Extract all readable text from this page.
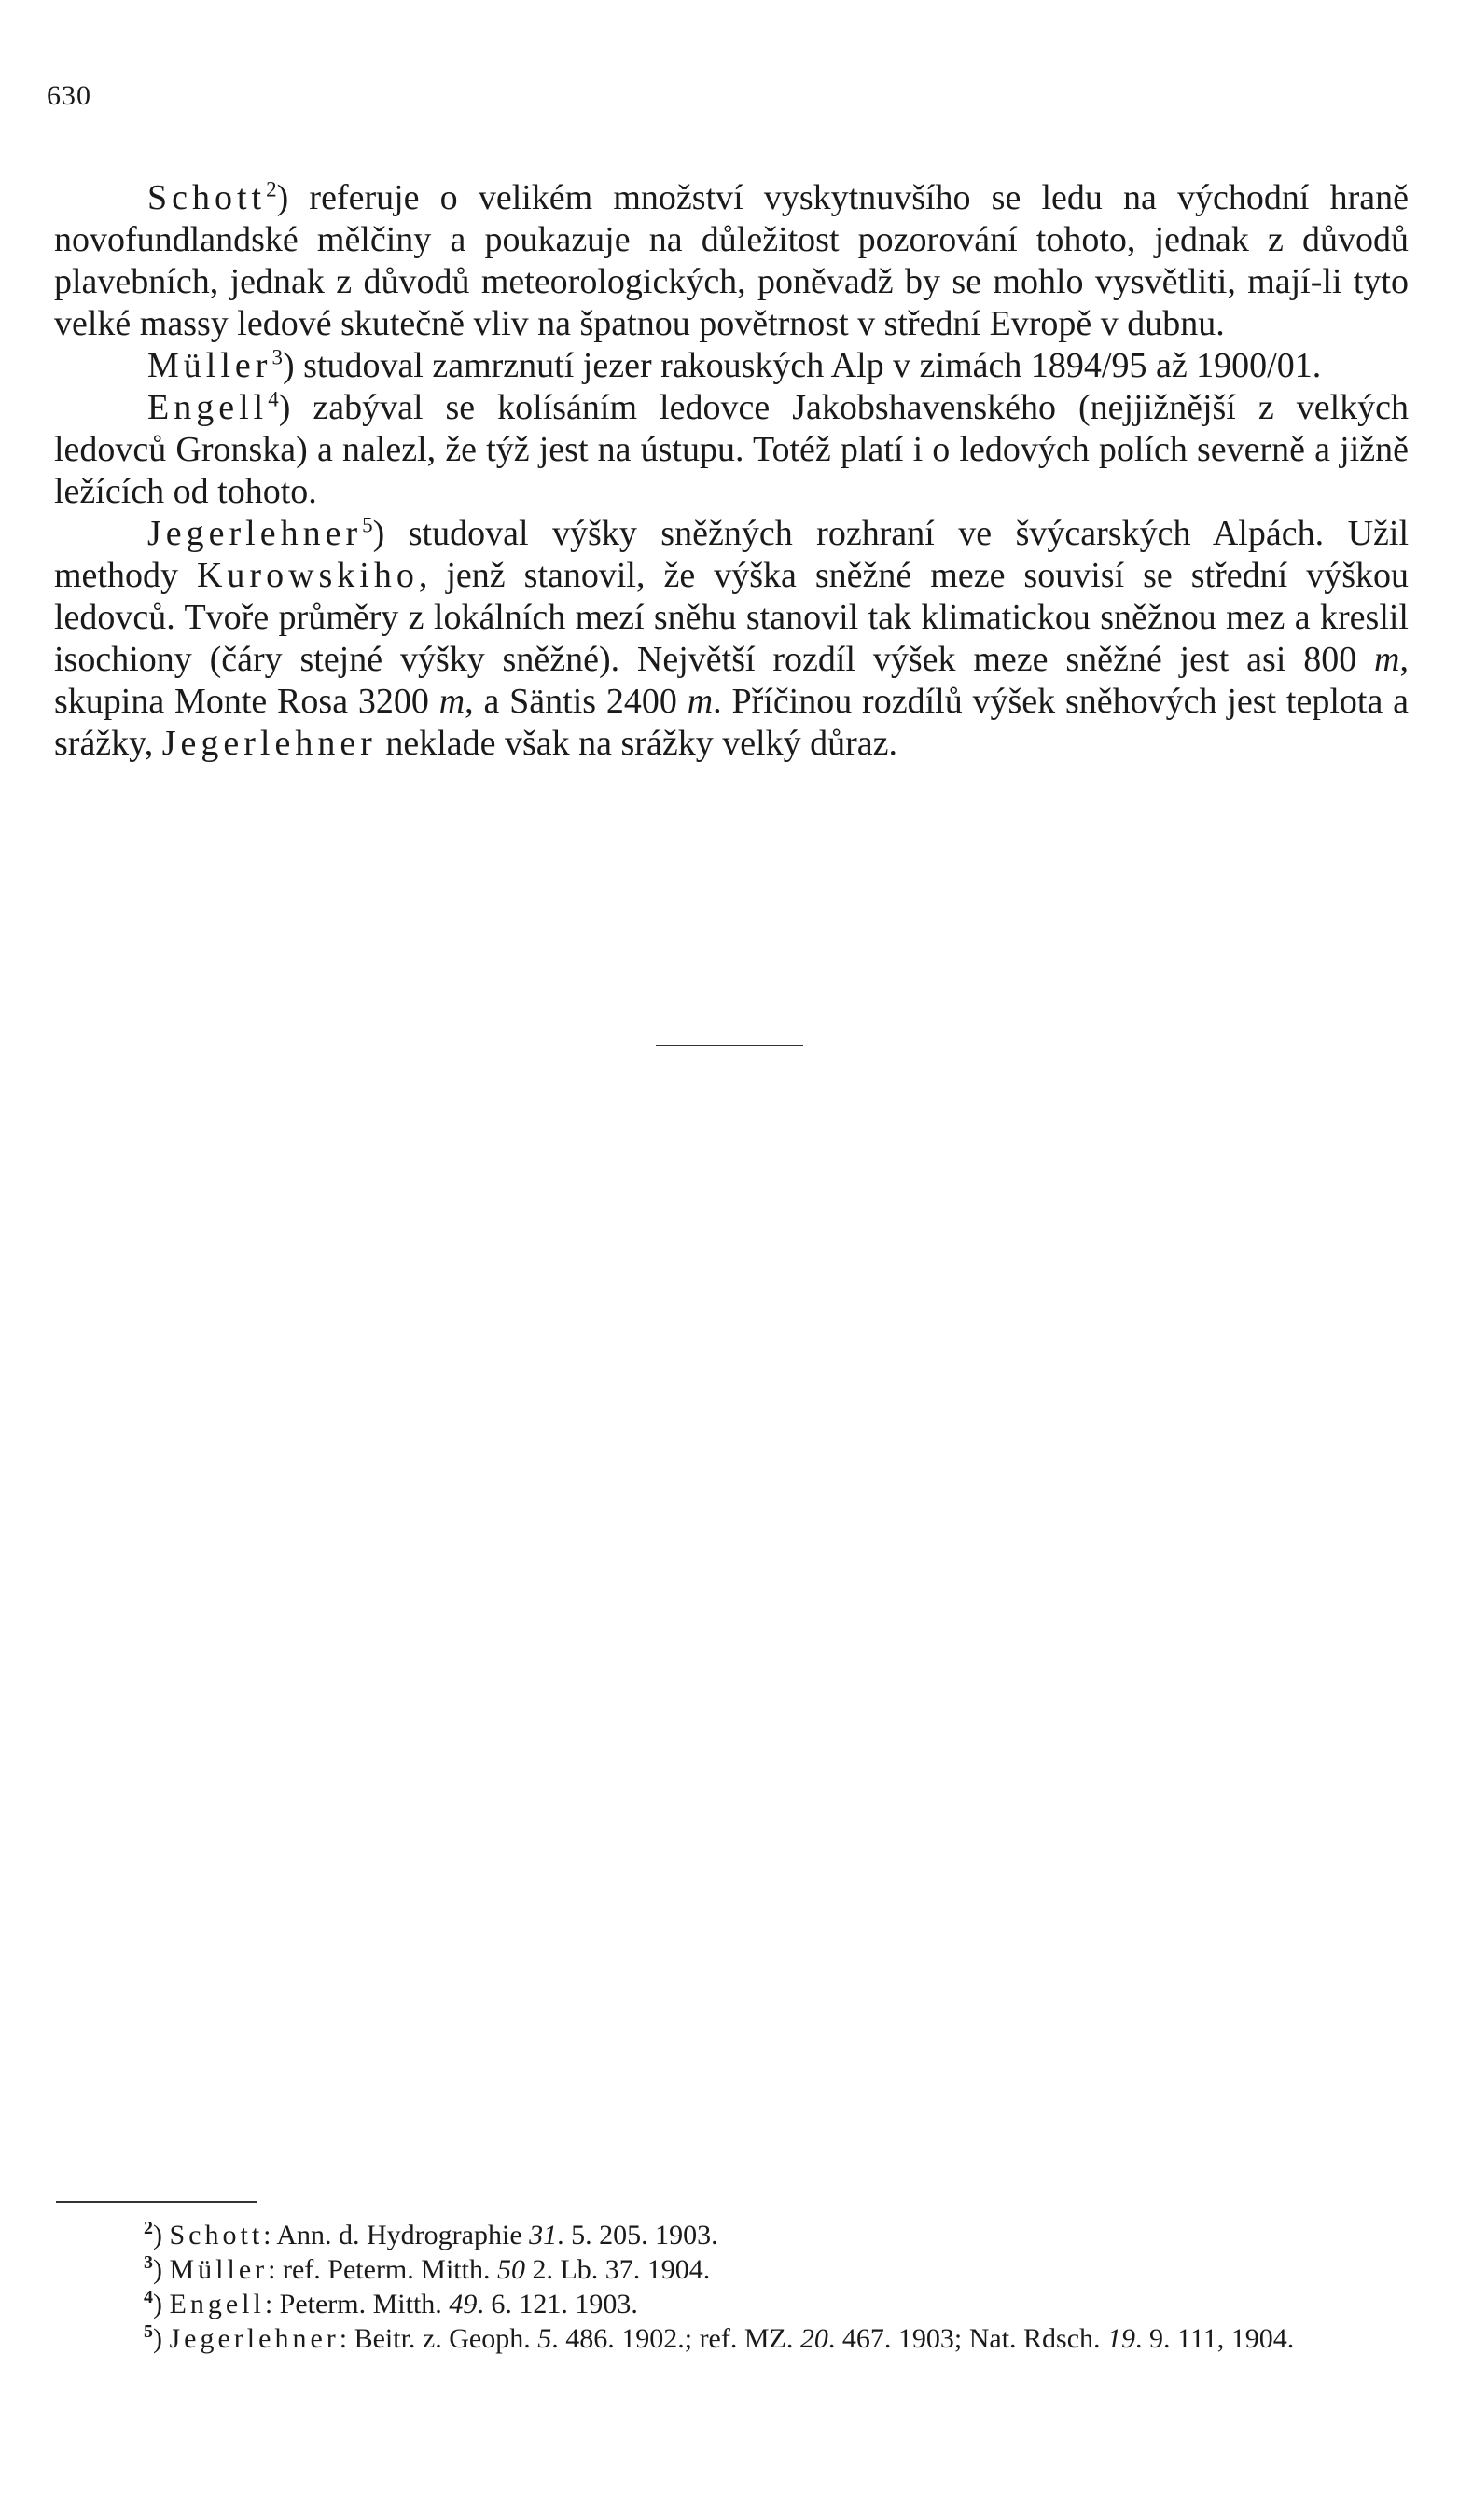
630

Schott$^2$) referuje o velikém množství vyskytnuvšího se ledu na východní hraně novofundlandské mělčiny a poukazuje na důležitost pozorování tohoto, jednak z důvodů plavebních, jednak z důvodů meteorologických, poněvadž by se mohlo vysvětliti, mají-li tyto velké massy ledové skutečně vliv na špatnou povětrnost v střední Evropě v dubnu.

Müller$^3$) studoval zamrznutí jezer rakouských Alp v zimách 1894/95 až 1900/01.

Engell$^4$) zabýval se kolísáním ledovce Jakobshavenského (nejjižnější z velkých ledovců Gronska) a nalezl, že týž jest na ústupu. Totéž platí i o ledových polích severně a jižně ležících od tohoto.

Jegerlehner$^5$) studoval výšky sněžných rozhraní ve švýcarských Alpách. Užil methody Kurowskiho, jenž stanovil, že výška sněžné meze souvisí se střední výškou ledovců. Tvoře průměry z lokálních mezí sněhu stanovil tak klimatickou sněžnou mez a kreslil isochiony (čáry stejné výšky sněžné). Největší rozdíl výšek meze sněžné jest asi 800 m, skupina Monte Rosa 3200 m, a Säntis 2400 m. Příčinou rozdílů výšek sněhových jest teplota a srážky, Jegerlehner neklade však na srážky velký důraz.

$^2$) Schott: Ann. d. Hydrographie 31. 5. 205. 1903.

$^3$) Müller: ref. Peterm. Mitth. 50 2. Lb. 37. 1904.

$^4$) Engell: Peterm. Mitth. 49. 6. 121. 1903.

$^5$) Jegerlehner: Beitr. z. Geoph. 5. 486. 1902.; ref. MZ. 20. 467. 1903; Nat. Rdsch. 19. 9. 111, 1904.
